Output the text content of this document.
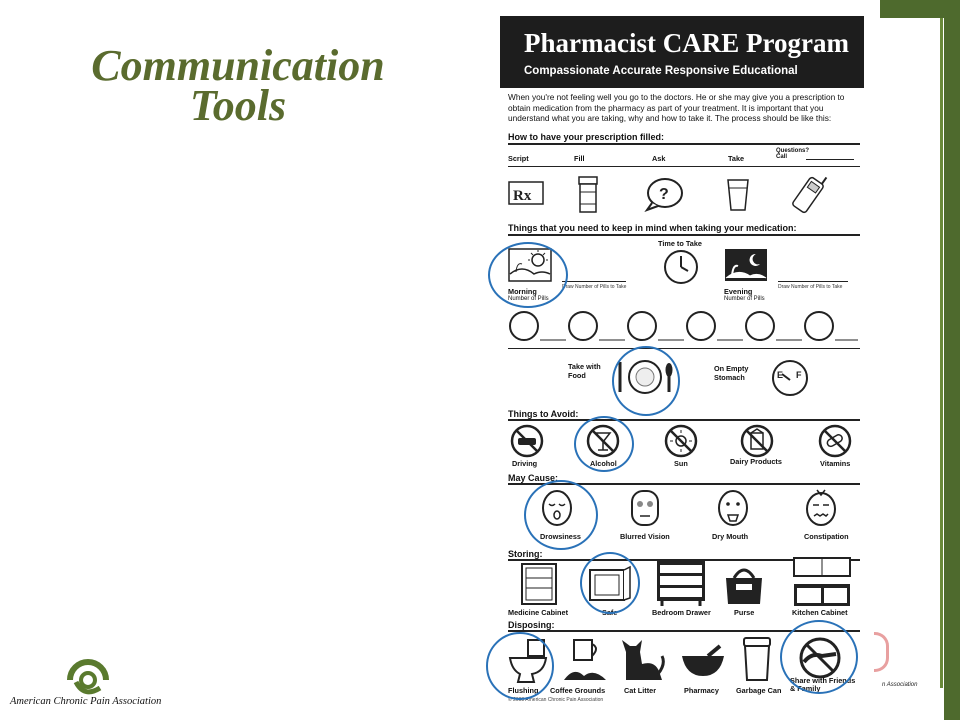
Communication
Tools
American Chronic Pain Association
n Association
Pharmacist CARE Program
Compassionate Accurate Responsive Educational
When you're not feeling well you go to the doctors. He or she may give you a prescription to obtain medication from the pharmacy as part of your treatment. It is important that you understand what you are taking, why and how to take it. The process should be like this:
How to have your prescription filled:
Script	Fill	Ask	Take
Questions? Call
Rx	?
Things that you need to keep in mind when taking your medication:
Time to Take
Morning
Number of Pills
Draw Number of Pills to Take	Evening
Number of Pills
Draw Number of Pills to Take
Take with Food
On Empty Stomach	E F
Things to Avoid:
Driving	Alcohol	Sun	Dairy Products	Vitamins
May Cause:
Drowsiness	Blurred Vision	Dry Mouth	Constipation
Storing:
Medicine Cabinet	Safe	Bedroom Drawer	Purse	Kitchen Cabinet
Disposing:
Flushing Coffee Grounds	Cat Litter	Pharmacy Garbage Can
Share with Friends & Family
© 2008 American Chronic Pain Association
